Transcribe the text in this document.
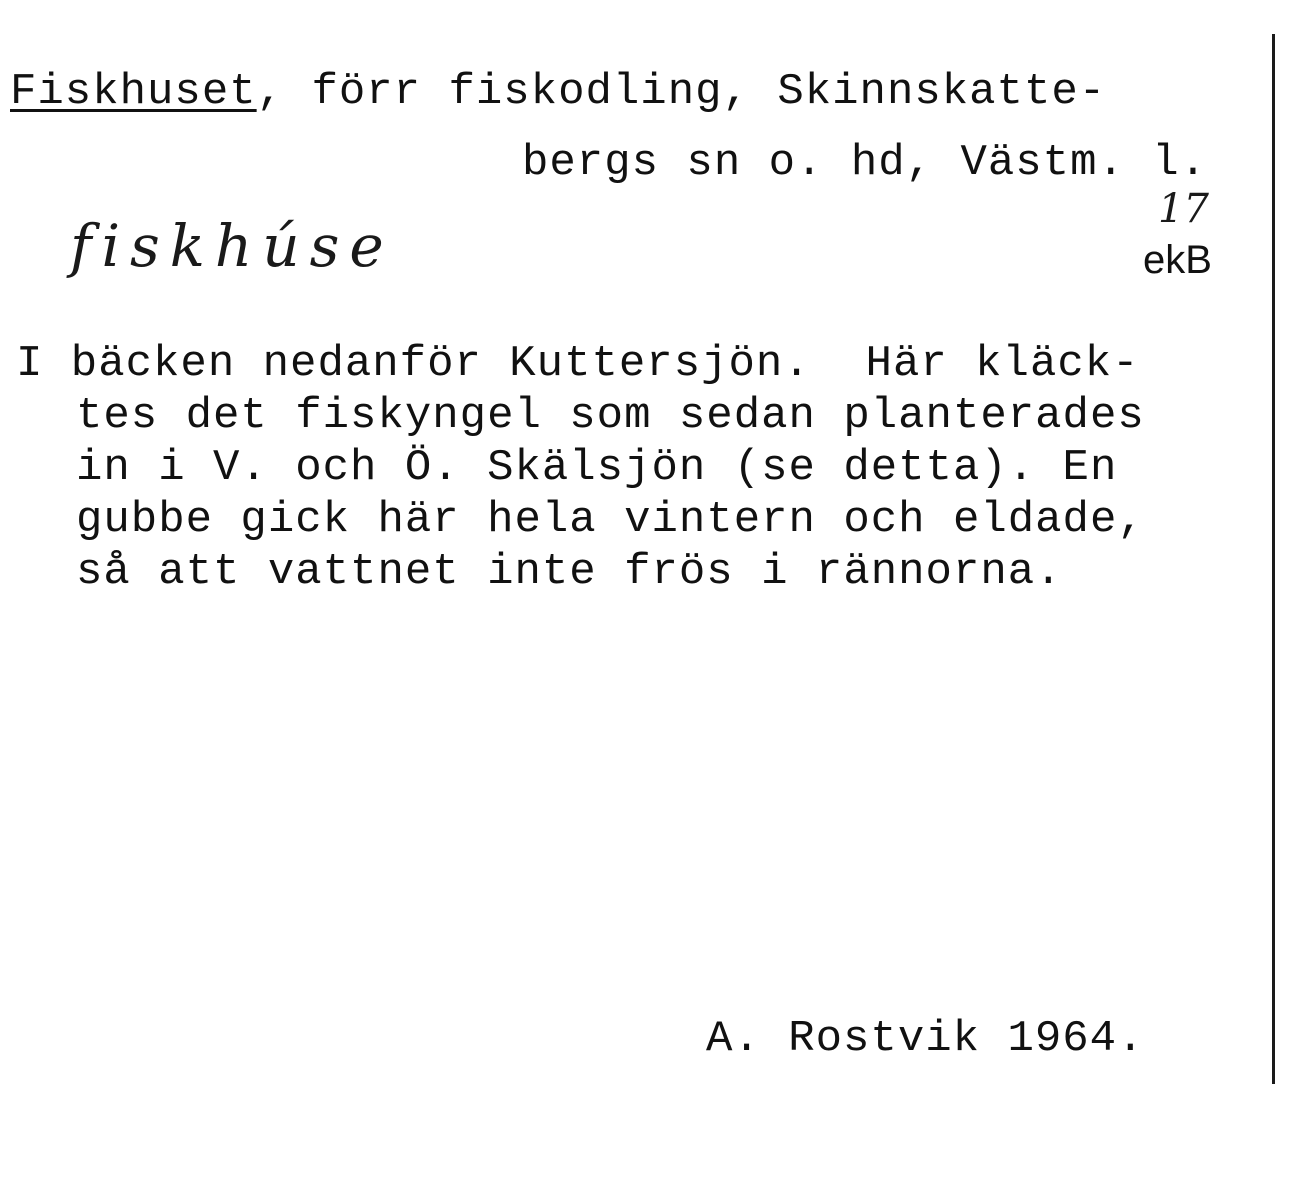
Fiskhuset, förr fiskodling, Skinnskatte-
bergs sn o. hd, Västm. l.
fiskhúse
17
ekB
I bäcken nedanför Kuttersjön.  Här kläck-
tes det fiskyngel som sedan planterades
in i V. och Ö. Skälsjön (se detta). En
gubbe gick här hela vintern och eldade,
så att vattnet inte frös i rännorna.
A. Rostvik 1964.
